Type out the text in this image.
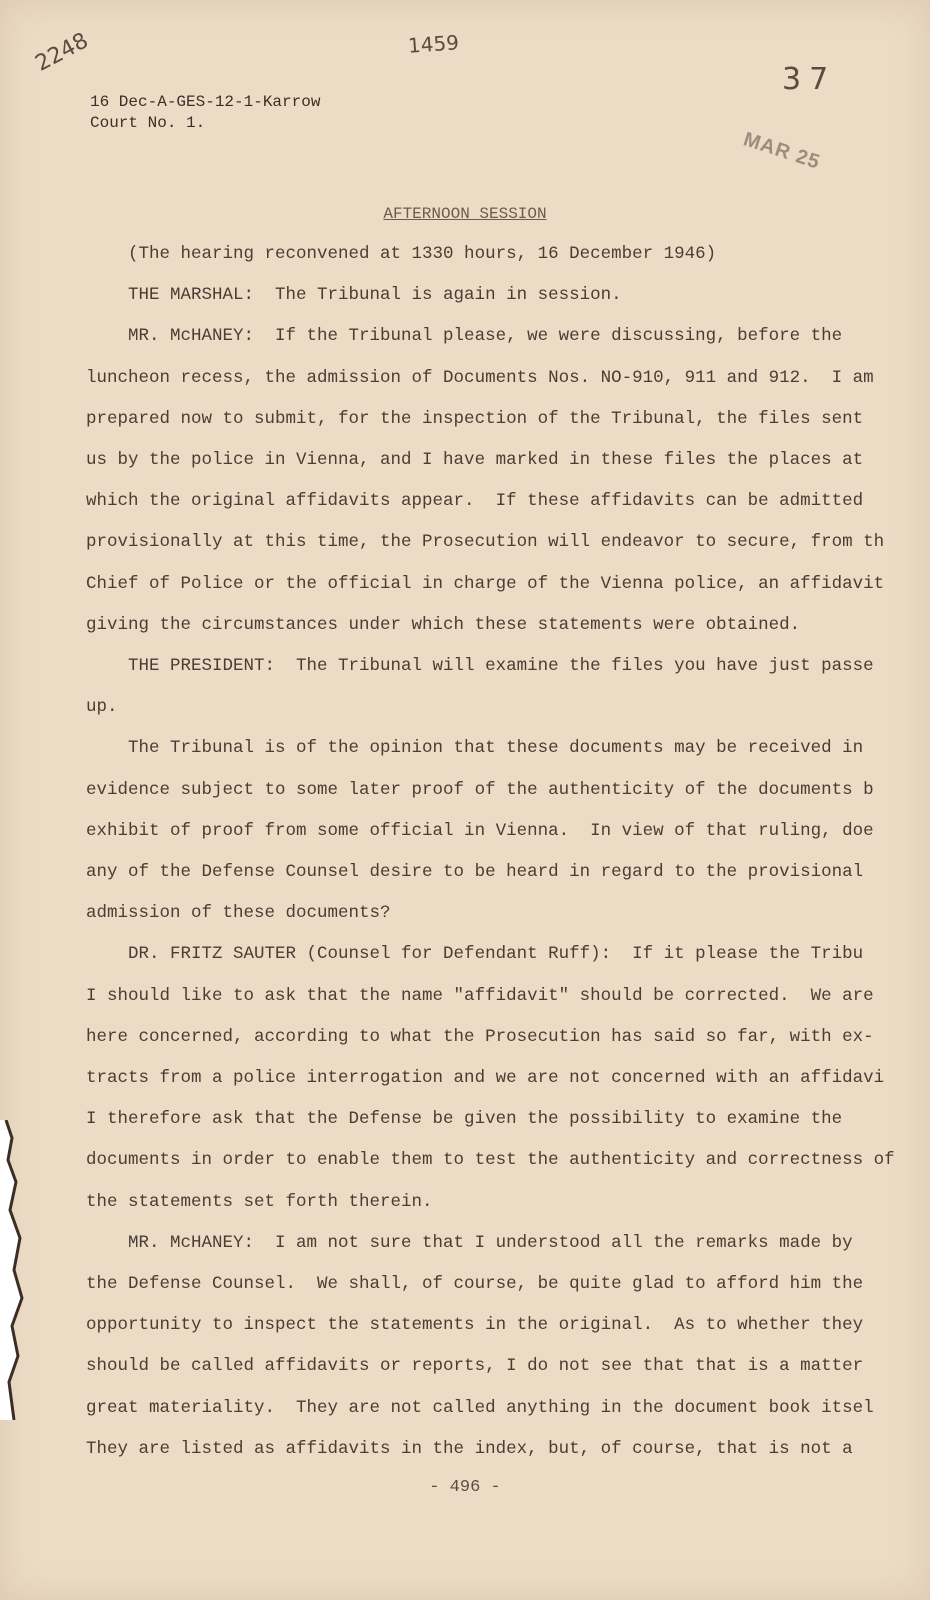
2248	1459
37
MAR 25
16 Dec-A-GES-12-1-Karrow
Court No. 1.
AFTERNOON SESSION
(The hearing reconvened at 1330 hours, 16 December 1946)
THE MARSHAL:  The Tribunal is again in session.
MR. McHANEY:  If the Tribunal please, we were discussing, before the
luncheon recess, the admission of Documents Nos. NO-910, 911 and 912.  I am
prepared now to submit, for the inspection of the Tribunal, the files sent
us by the police in Vienna, and I have marked in these files the places at
which the original affidavits appear.  If these affidavits can be admitted
provisionally at this time, the Prosecution will endeavor to secure, from th
Chief of Police or the official in charge of the Vienna police, an affidavit
giving the circumstances under which these statements were obtained.
THE PRESIDENT:  The Tribunal will examine the files you have just passe
up.
The Tribunal is of the opinion that these documents may be received in
evidence subject to some later proof of the authenticity of the documents b
exhibit of proof from some official in Vienna.  In view of that ruling, doe
any of the Defense Counsel desire to be heard in regard to the provisional
admission of these documents?
DR. FRITZ SAUTER (Counsel for Defendant Ruff):  If it please the Tribu
I should like to ask that the name "affidavit" should be corrected.  We are
here concerned, according to what the Prosecution has said so far, with ex-
tracts from a police interrogation and we are not concerned with an affidavi
I therefore ask that the Defense be given the possibility to examine the
documents in order to enable them to test the authenticity and correctness of
the statements set forth therein.
MR. McHANEY:  I am not sure that I understood all the remarks made by
the Defense Counsel.  We shall, of course, be quite glad to afford him the
opportunity to inspect the statements in the original.  As to whether they
should be called affidavits or reports, I do not see that that is a matter
great materiality.  They are not called anything in the document book itsel
They are listed as affidavits in the index, but, of course, that is not a
- 496 -
